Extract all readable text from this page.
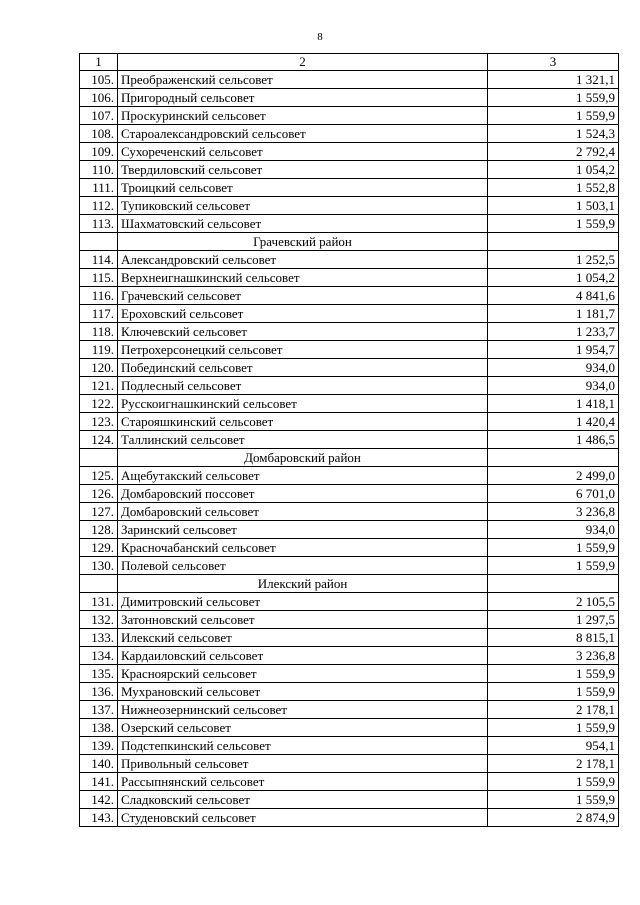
8
1	2	3
105.	Преображенский сельсовет	1 321,1
106.	Пригородный сельсовет	1 559,9
107.	Проскуринский сельсовет	1 559,9
108.	Староалександровский сельсовет	1 524,3
109.	Сухореченский сельсовет	2 792,4
110.	Твердиловский сельсовет	1 054,2
111.	Троицкий сельсовет	1 552,8
112.	Тупиковский сельсовет	1 503,1
113.	Шахматовский сельсовет	1 559,9
	Грачевский район	
114.	Александровский сельсовет	1 252,5
115.	Верхнеигнашкинский сельсовет	1 054,2
116.	Грачевский сельсовет	4 841,6
117.	Ероховский сельсовет	1 181,7
118.	Ключевский сельсовет	1 233,7
119.	Петрохерсонецкий сельсовет	1 954,7
120.	Побединский сельсовет	934,0
121.	Подлесный сельсовет	934,0
122.	Русскоигнашкинский сельсовет	1 418,1
123.	Старояшкинский сельсовет	1 420,4
124.	Таллинский сельсовет	1 486,5
	Домбаровский район	
125.	Ащебутакский сельсовет	2 499,0
126.	Домбаровский поссовет	6 701,0
127.	Домбаровский сельсовет	3 236,8
128.	Заринский сельсовет	934,0
129.	Красночабанский сельсовет	1 559,9
130.	Полевой сельсовет	1 559,9
	Илекский район	
131.	Димитровский сельсовет	2 105,5
132.	Затонновский сельсовет	1 297,5
133.	Илекский сельсовет	8 815,1
134.	Кардаиловский сельсовет	3 236,8
135.	Красноярский сельсовет	1 559,9
136.	Мухрановский сельсовет	1 559,9
137.	Нижнеозернинский сельсовет	2 178,1
138.	Озерский сельсовет	1 559,9
139.	Подстепкинский сельсовет	954,1
140.	Привольный сельсовет	2 178,1
141.	Рассыпнянский сельсовет	1 559,9
142.	Сладковский сельсовет	1 559,9
143.	Студеновский сельсовет	2 874,9
